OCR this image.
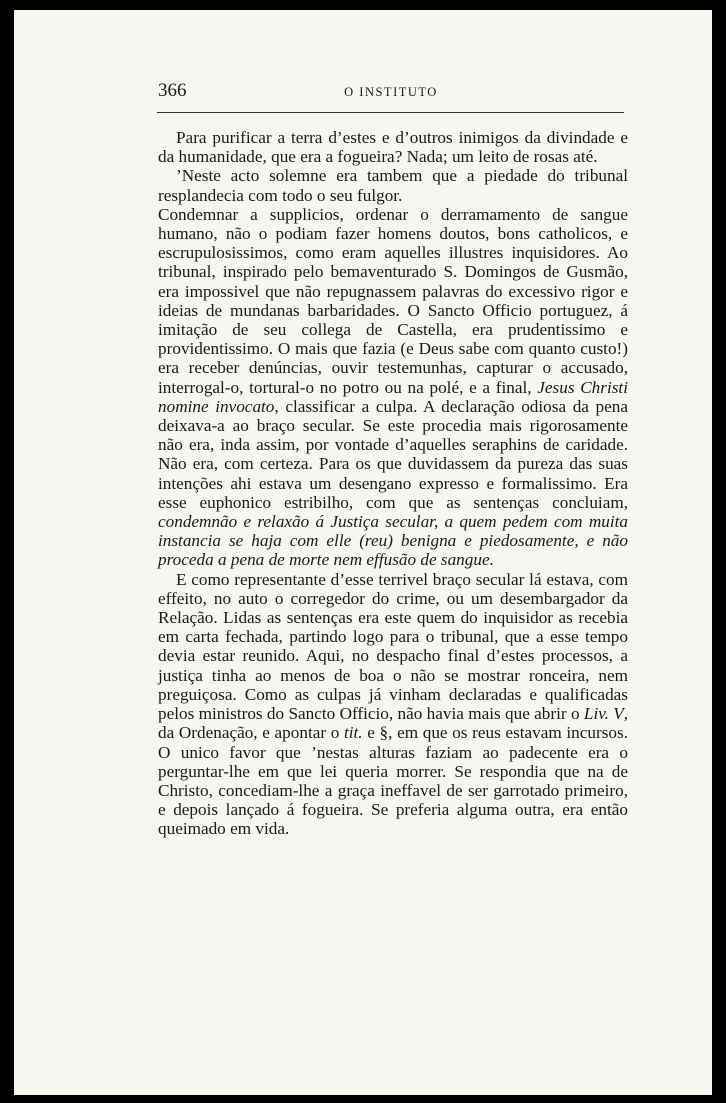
366	O INSTITUTO

Para purificar a terra d’estes e d’outros inimigos da divindade e da humanidade, que era a fogueira? Nada; um leito de rosas até.

’Neste acto solemne era tambem que a piedade do tribunal resplandecia com todo o seu fulgor.

Condemnar a supplicios, ordenar o derramamento de sangue humano, não o podiam fazer homens doutos, bons catholicos, e escrupulosissimos, como eram aquelles illustres inquisidores. Ao tribunal, inspirado pelo bemaventurado S. Domingos de Gusmão, era impossivel que não repugnassem palavras do excessivo rigor e ideias de mundanas barbaridades. O Sancto Officio portuguez, á imitação de seu collega de Castella, era prudentissimo e providentissimo. O mais que fazia (e Deus sabe com quanto custo!) era receber denúncias, ouvir testemunhas, capturar o accusado, interrogal-o, tortural-o no potro ou na polé, e a final, Jesus Christi nomine invocato, classificar a culpa. A declaração odiosa da pena deixava-a ao braço secular. Se este procedia mais rigorosamente não era, inda assim, por vontade d’aquelles seraphins de caridade. Não era, com certeza. Para os que duvidassem da pureza das suas intenções ahi estava um desengano expresso e formalissimo. Era esse euphonico estribilho, com que as sentenças concluiam, condemnão e relaxão á Justiça secular, a quem pedem com muita instancia se haja com elle (reu) benigna e piedosamente, e não proceda a pena de morte nem effusão de sangue.

E como representante d’esse terrivel braço secular lá estava, com effeito, no auto o corregedor do crime, ou um desembargador da Relação. Lidas as sentenças era este quem do inquisidor as recebia em carta fechada, partindo logo para o tribunal, que a esse tempo devia estar reunido. Aqui, no despacho final d’estes processos, a justiça tinha ao menos de boa o não se mostrar ronceira, nem preguiçosa. Como as culpas já vinham declaradas e qualificadas pelos ministros do Sancto Officio, não havia mais que abrir o Liv. V, da Ordenação, e apontar o tit. e §, em que os reus estavam incursos. O unico favor que ’nestas alturas faziam ao padecente era o perguntar-lhe em que lei queria morrer. Se respondia que na de Christo, concediam-lhe a graça ineffavel de ser garrotado primeiro, e depois lançado á fogueira. Se preferia alguma outra, era então queimado em vida.
